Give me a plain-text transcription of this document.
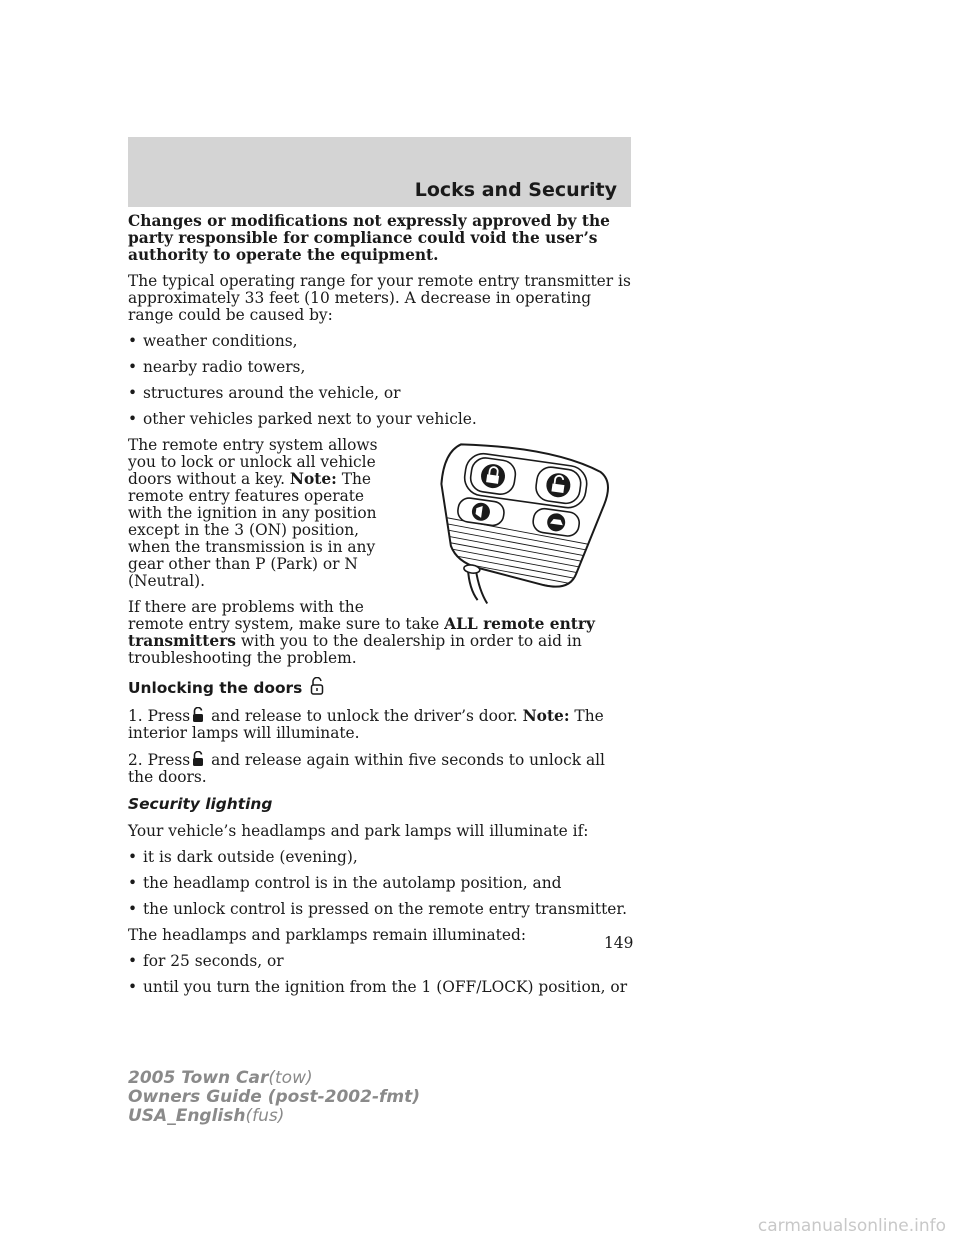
Locks and Security

Changes or modifications not expressly approved by the party responsible for compliance could void the user’s authority to operate the equipment.

The typical operating range for your remote entry transmitter is approximately 33 feet (10 meters). A decrease in operating range could be caused by:

• weather conditions,
• nearby radio towers,
• structures around the vehicle, or
• other vehicles parked next to your vehicle.

The remote entry system allows you to lock or unlock all vehicle doors without a key. Note: The remote entry features operate with the ignition in any position except in the 3 (ON) position, when the transmission is in any gear other than P (Park) or N (Neutral).

If there are problems with the remote entry system, make sure to take ALL remote entry transmitters with you to the dealership in order to aid in troubleshooting the problem.

Unlocking the doors

1. Press and release to unlock the driver’s door. Note: The interior lamps will illuminate.

2. Press and release again within five seconds to unlock all the doors.

Security lighting

Your vehicle’s headlamps and park lamps will illuminate if:

• it is dark outside (evening),
• the headlamp control is in the autolamp position, and
• the unlock control is pressed on the remote entry transmitter.

The headlamps and parklamps remain illuminated:

• for 25 seconds, or
• until you turn the ignition from the 1 (OFF/LOCK) position, or
149
2005 Town Car(tow)
Owners Guide (post-2002-fmt)
USA_English(fus)
carmanualsonline.info
